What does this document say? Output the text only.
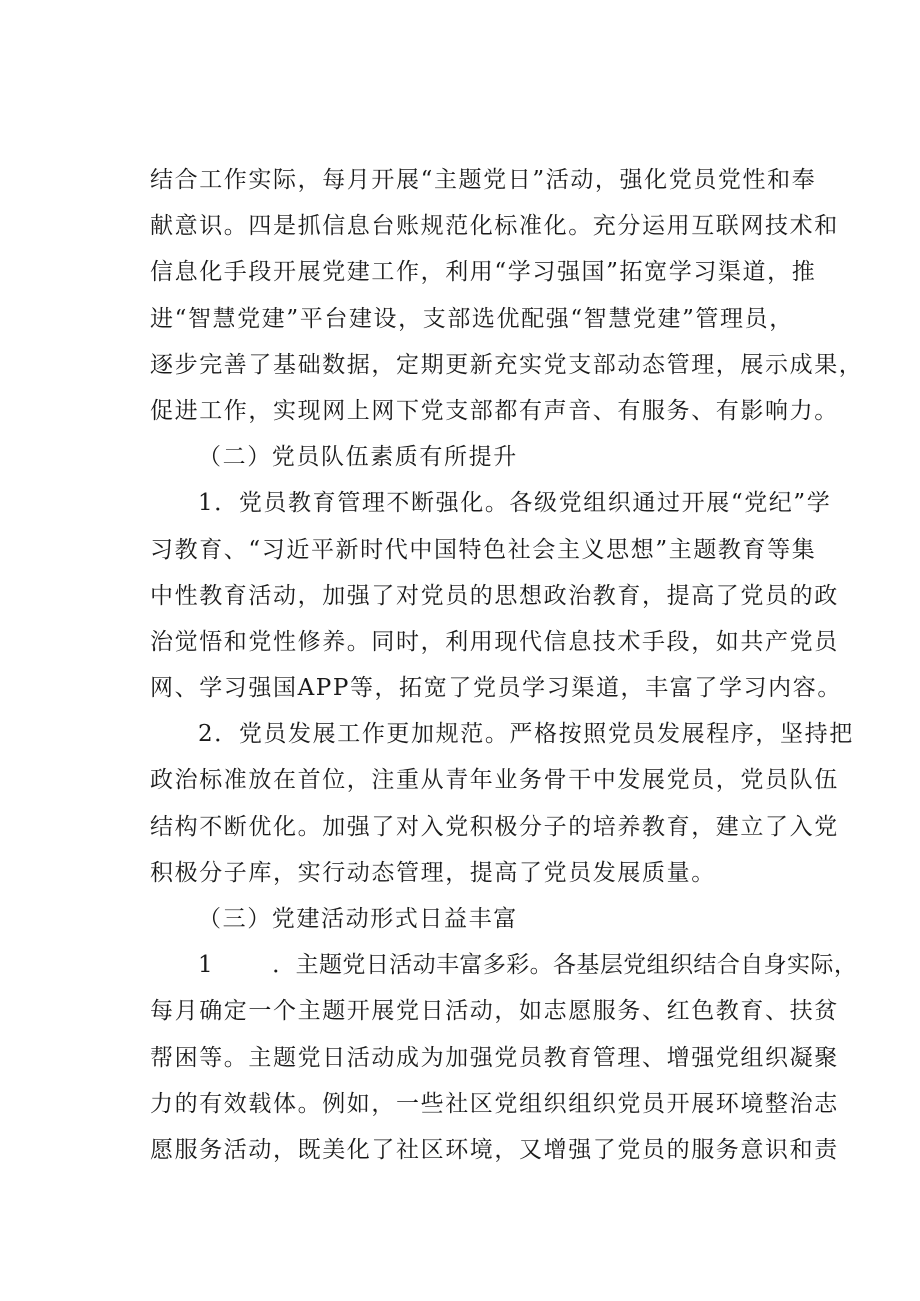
结合工作实际，每月开展“主题党日”活动，强化党员党性和奉
献意识。四是抓信息台账规范化标准化。充分运用互联网技术和
信息化手段开展党建工作，利用“学习强国”拓宽学习渠道，推
进“智慧党建”平台建设，支部选优配强“智慧党建”管理员，
逐步完善了基础数据，定期更新充实党支部动态管理，展示成果，
促进工作，实现网上网下党支部都有声音、有服务、有影响力。
（二）党员队伍素质有所提升
1．党员教育管理不断强化。各级党组织通过开展“党纪”学
习教育、“习近平新时代中国特色社会主义思想”主题教育等集
中性教育活动，加强了对党员的思想政治教育，提高了党员的政
治觉悟和党性修养。同时，利用现代信息技术手段，如共产党员
网、学习强国APP等，拓宽了党员学习渠道，丰富了学习内容。
2．党员发展工作更加规范。严格按照党员发展程序，坚持把
政治标准放在首位，注重从青年业务骨干中发展党员，党员队伍
结构不断优化。加强了对入党积极分子的培养教育，建立了入党
积极分子库，实行动态管理，提高了党员发展质量。
（三）党建活动形式日益丰富
1	．主题党日活动丰富多彩。各基层党组织结合自身实际，
每月确定一个主题开展党日活动，如志愿服务、红色教育、扶贫
帮困等。主题党日活动成为加强党员教育管理、增强党组织凝聚
力的有效载体。例如，一些社区党组织组织党员开展环境整治志
愿服务活动，既美化了社区环境，又增强了党员的服务意识和责
